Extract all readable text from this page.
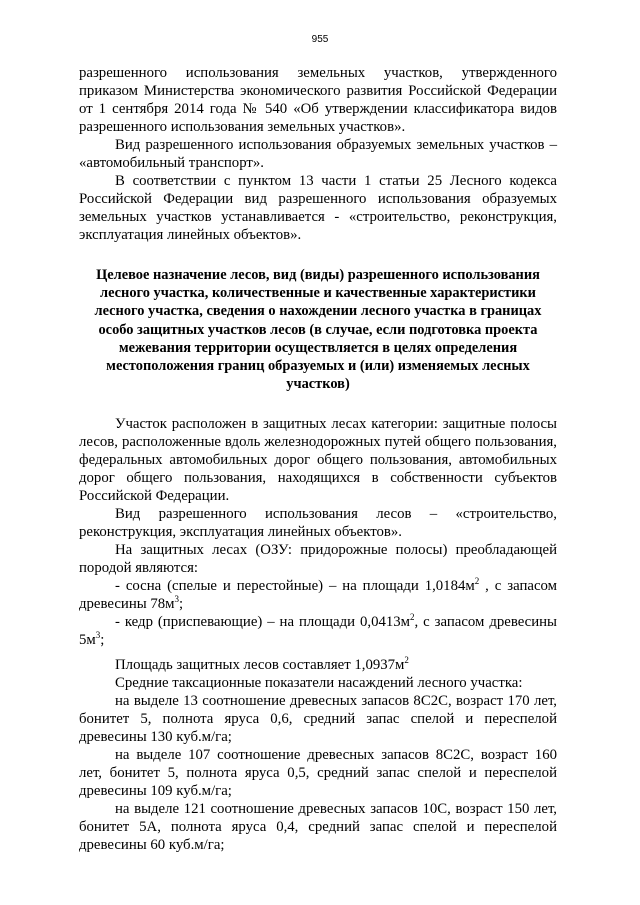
955

разрешенного использования земельных участков, утвержденного приказом Министерства экономического развития Российской Федерации от 1 сентября 2014 года № 540 «Об утверждении классификатора видов разрешенного использования земельных участков».

Вид разрешенного использования образуемых земельных участков – «автомобильный транспорт».

В соответствии с пунктом 13 части 1 статьи 25 Лесного кодекса Российской Федерации вид разрешенного использования образуемых земельных участков устанавливается - «строительство, реконструкция, эксплуатация линейных объектов».

Целевое назначение лесов, вид (виды) разрешенного использования лесного участка, количественные и качественные характеристики лесного участка, сведения о нахождении лесного участка в границах особо защитных участков лесов (в случае, если подготовка проекта межевания территории осуществляется в целях определения местоположения границ образуемых и (или) изменяемых лесных участков)

Участок расположен в защитных лесах категории: защитные полосы лесов, расположенные вдоль железнодорожных путей общего пользования, федеральных автомобильных дорог общего пользования, автомобильных дорог общего пользования, находящихся в собственности субъектов Российской Федерации.

Вид разрешенного использования лесов – «строительство, реконструкция, эксплуатация линейных объектов».

На защитных лесах (ОЗУ: придорожные полосы) преобладающей породой являются:

- сосна (спелые и перестойные) – на площади $1,0184м^2$ , с запасом древесины $78м^3$;

- кедр (приспевающие) – на площади $0,0413м^2$, с запасом древесины $5м^3$;

Площадь защитных лесов составляет $1,0937м^2$

Средние таксационные показатели насаждений лесного участка:

на выделе 13 соотношение древесных запасов 8С2С, возраст 170 лет, бонитет 5, полнота яруса 0,6, средний запас спелой и переспелой древесины 130 куб.м/га;

на выделе 107 соотношение древесных запасов 8С2С, возраст 160 лет, бонитет 5, полнота яруса 0,5, средний запас спелой и переспелой древесины 109 куб.м/га;

на выделе 121 соотношение древесных запасов 10С, возраст 150 лет, бонитет 5А, полнота яруса 0,4, средний запас спелой и переспелой древесины 60 куб.м/га;
